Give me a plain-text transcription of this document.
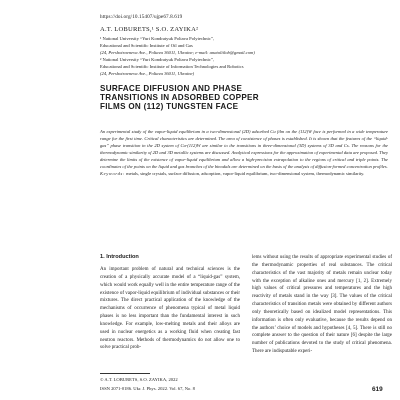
https://doi.org/10.15407/ujpe67.8.619
A.T. LOBURETS,¹ S.O. ZAYIKA²
¹ National University “Yuri Kondratyuk Poltava Polytechnic”,
Educational and Scientific Institute of Oil and Gas
(24, Pershotravneva Ave., Poltava 36011, Ukraine; e-mail: anatoliilob@gmail.com)
² National University “Yuri Kondratyuk Poltava Polytechnic”,
Educational and Scientific Institute of Information Technologies and Robotics
(24, Pershotravneva Ave., Poltava 36011, Ukraine)
SURFACE DIFFUSION AND PHASE
TRANSITIONS IN ADSORBED COPPER
FILMS ON (112) TUNGSTEN FACE
An experimental study of the vapor-liquid equilibrium in a two-dimensional (2D) adsorbed Cu film on the (112)W face is performed in a wide temperature range for the first time. Critical characteristics are determined. The area of coexistence of phases is established. It is shown that the features of the “liquid-gas” phase transition in the 2D system of Cu-(112)W are similar to the transitions in three-dimensional (3D) systems of 3D and Cs. The reasons for the thermodynamic similarity of 2D and 3D metallic systems are discussed. Analytical expressions for the approximation of experimental data are proposed. They determine the limits of the existence of vapor-liquid equilibrium and allow a high-precision extrapolation to the regions of critical and triple points. The coordinates of the points on the liquid and gas branches of the binodals are determined on the basis of the analysis of diffusion-formed concentration profiles.
Keywords: metals, single crystals, surface diffusion, adsorption, vapor-liquid equilibrium, two-dimensional system, thermodynamic similarity.
1. Introduction
An important problem of natural and technical sciences is the creation of a physically accurate model of a “liquid-gas” system, which would work equally well in the entire temperature range of the existence of vapor-liquid equilibrium of individual substances or their mixtures. The direct practical application of the knowledge of the mechanisms of occurrence of phenomena typical of metal liquid phases is no less important than the fundamental interest in such knowledge. For example, low-melting metals and their alloys are used in nuclear energetics as a working fluid when creating fast neutron reactors. Methods of thermodynamics do not allow one to solve practical prob-
lems without using the results of appropriate experimental studies of the thermodynamic properties of real substances. The critical characteristics of the vast majority of metals remain unclear today with the exception of alkaline ones and mercury [1, 2]. Extremely high values of critical pressures and temperatures and the high reactivity of metals stand in the way [3]. The values of the critical characteristics of transition metals were obtained by different authors only theoretically based on idealized model representations. This information is often only evaluative, because the results depend on the authors’ choice of models and hypotheses [4, 5]. There is still no complete answer to the question of their nature [6] despite the large number of publications devoted to the study of critical phenomena. There are indisputable experi-
© A.T. LOBURETS, S.O. ZAYIKA, 2022
ISSN 2071-0186. Ukr. J. Phys. 2022. Vol. 67, No. 8	619
